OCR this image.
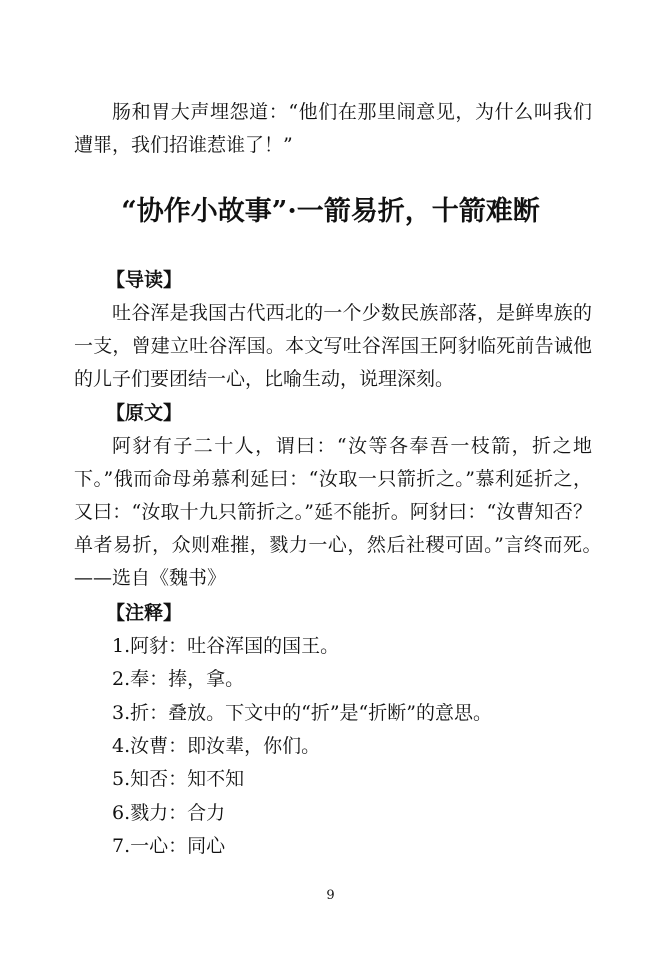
肠和胃大声埋怨道：“他们在那里闹意见，为什么叫我们遭罪，我们招谁惹谁了！”

“协作小故事”·一箭易折，十箭难断
【导读】

吐谷浑是我国古代西北的一个少数民族部落，是鲜卑族的一支，曾建立吐谷浑国。本文写吐谷浑国王阿豺临死前告诫他的儿子们要团结一心，比喻生动，说理深刻。

【原文】

阿豺有子二十人，谓曰：“汝等各奉吾一枝箭，折之地下。”俄而命母弟慕利延曰：“汝取一只箭折之。”慕利延折之，又曰：“汝取十九只箭折之。”延不能折。阿豺曰：“汝曹知否？单者易折，众则难摧，戮力一心，然后社稷可固。”言终而死。　——选自《魏书》

【注释】
1.阿豺：吐谷浑国的国王。
2.奉：捧，拿。
3.折：叠放。下文中的“折”是“折断”的意思。
4.汝曹：即汝辈，你们。
5.知否：知不知
6.戮力：合力
7.一心：同心
9
